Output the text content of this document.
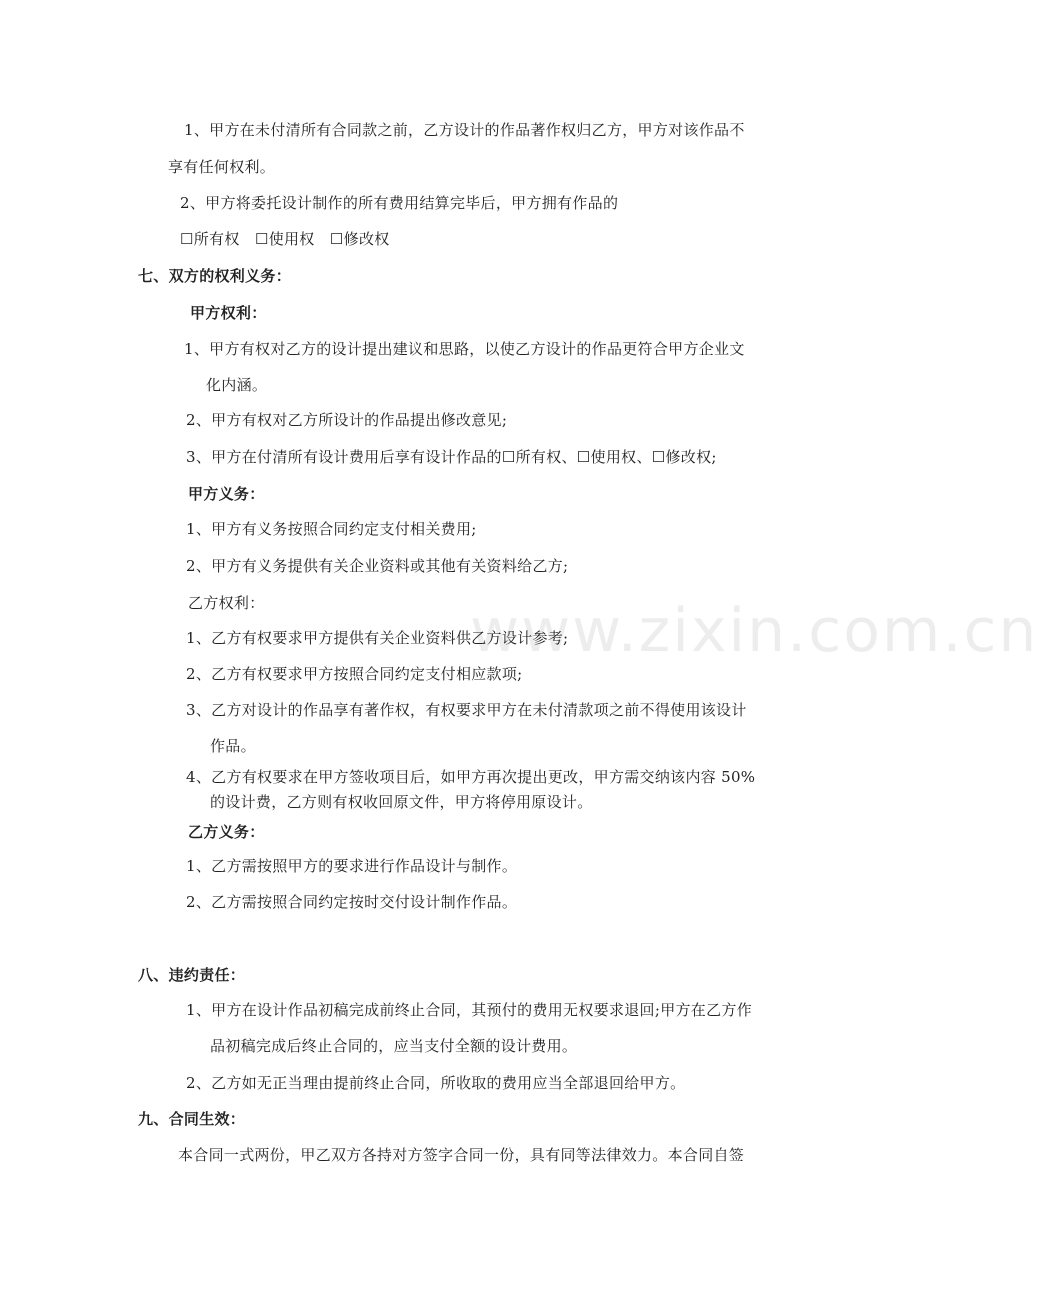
www.zixin.com.cn
1、甲方在未付清所有合同款之前，乙方设计的作品著作权归乙方，甲方对该作品不
享有任何权利。
2、甲方将委托设计制作的所有费用结算完毕后，甲方拥有作品的
☐所有权　☐使用权　☐修改权
七、双方的权利义务：
甲方权利：
1、甲方有权对乙方的设计提出建议和思路，以使乙方设计的作品更符合甲方企业文
化内涵。
2、甲方有权对乙方所设计的作品提出修改意见;
3、甲方在付清所有设计费用后享有设计作品的☐所有权、☐使用权、☐修改权;
甲方义务：
1、甲方有义务按照合同约定支付相关费用;
2、甲方有义务提供有关企业资料或其他有关资料给乙方;
乙方权利：
1、乙方有权要求甲方提供有关企业资料供乙方设计参考;
2、乙方有权要求甲方按照合同约定支付相应款项;
3、乙方对设计的作品享有著作权，有权要求甲方在未付清款项之前不得使用该设计
作品。
4、乙方有权要求在甲方签收项目后，如甲方再次提出更改，甲方需交纳该内容 50%
的设计费，乙方则有权收回原文件，甲方将停用原设计。
乙方义务：
1、乙方需按照甲方的要求进行作品设计与制作。
2、乙方需按照合同约定按时交付设计制作作品。
八、违约责任：
1、甲方在设计作品初稿完成前终止合同，其预付的费用无权要求退回;甲方在乙方作
品初稿完成后终止合同的，应当支付全额的设计费用。
2、乙方如无正当理由提前终止合同，所收取的费用应当全部退回给甲方。
九、合同生效：
本合同一式两份，甲乙双方各持对方签字合同一份，具有同等法律效力。本合同自签
